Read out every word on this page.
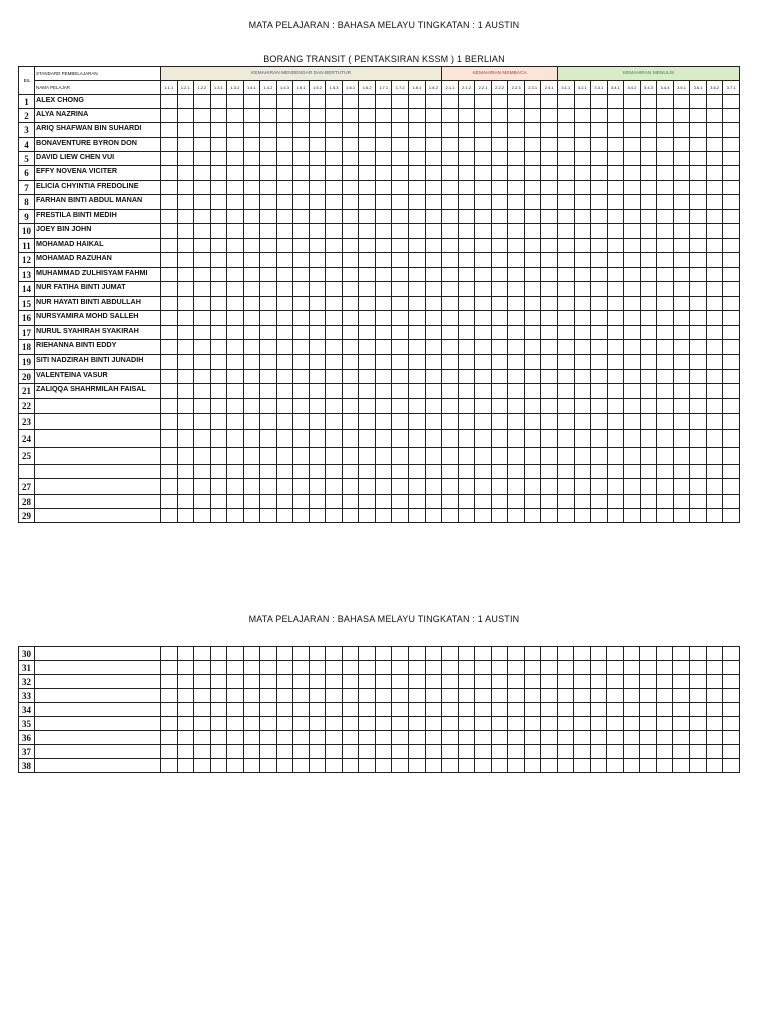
MATA PELAJARAN : BAHASA MELAYU TINGKATAN : 1 AUSTIN
BORANG TRANSIT ( PENTAKSIRAN KSSM ) 1 BERLIAN
BIL	STANDARD PEMBELAJARAN	KEMAHIRAN MENDENGAR DAN BERTUTUR																	KEMAHIRAN MEMBACA							KEMAHIRAN MENULIS										
	NAMA PELAJAR	1.1.1	1.2.1	1.2.2	1.3.1	1.3.2	1.4.1	1.4.2	1.4.3	1.5.1	1.5.2	1.5.3	1.6.1	1.6.2	1.7.1	1.7.2	1.8.1	1.8.2	2.1.1	2.1.2	2.2.1	2.2.2	2.2.3	2.3.1	2.4.1	3.1.1	3.2.1	3.3.1	3.4.1	3.4.2	3.4.3	3.4.4	3.5.1	3.6.1	3.6.2	3.7.1
1	ALEX CHONG																																			
2	ALYA NAZRINA																																			
3	ARIQ SHAFWAN BIN SUHARDI																																			
4	BONAVENTURE BYRON DON																																			
5	DAVID LIEW CHEN VUI																																			
6	EFFY NOVENA VICITER																																			
7	ELICIA CHYINTIA FREDOLINE																																			
8	FARHAN BINTI ABDUL MANAN																																			
9	FRESTILA BINTI MEDIH																																			
10	JOEY BIN JOHN																																			
11	MOHAMAD HAIKAL																																			
12	MOHAMAD RAZUHAN																																			
13	MUHAMMAD ZULHISYAM FAHMI																																			
14	NUR FATIHA BINTI JUMAT																																			
15	NUR HAYATI BINTI ABDULLAH																																			
16	NURSYAMIRA MOHD SALLEH																																			
17	NURUL SYAHIRAH SYAKIRAH																																			
18	RIEHANNA BINTI EDDY																																			
19	SITI NADZIRAH BINTI JUNADIH																																			
20	VALENTEINA VASUR																																			
21	ZALIQQA SHAHRMILAH FAISAL																																			
22																																				
23																																				
24																																				
25																																				

27																																				
28																																				
29																																				
MATA PELAJARAN : BAHASA MELAYU TINGKATAN : 1 AUSTIN
30																																				
31																																				
32																																				
33																																				
34																																				
35																																				
36																																				
37																																				
38																																				
